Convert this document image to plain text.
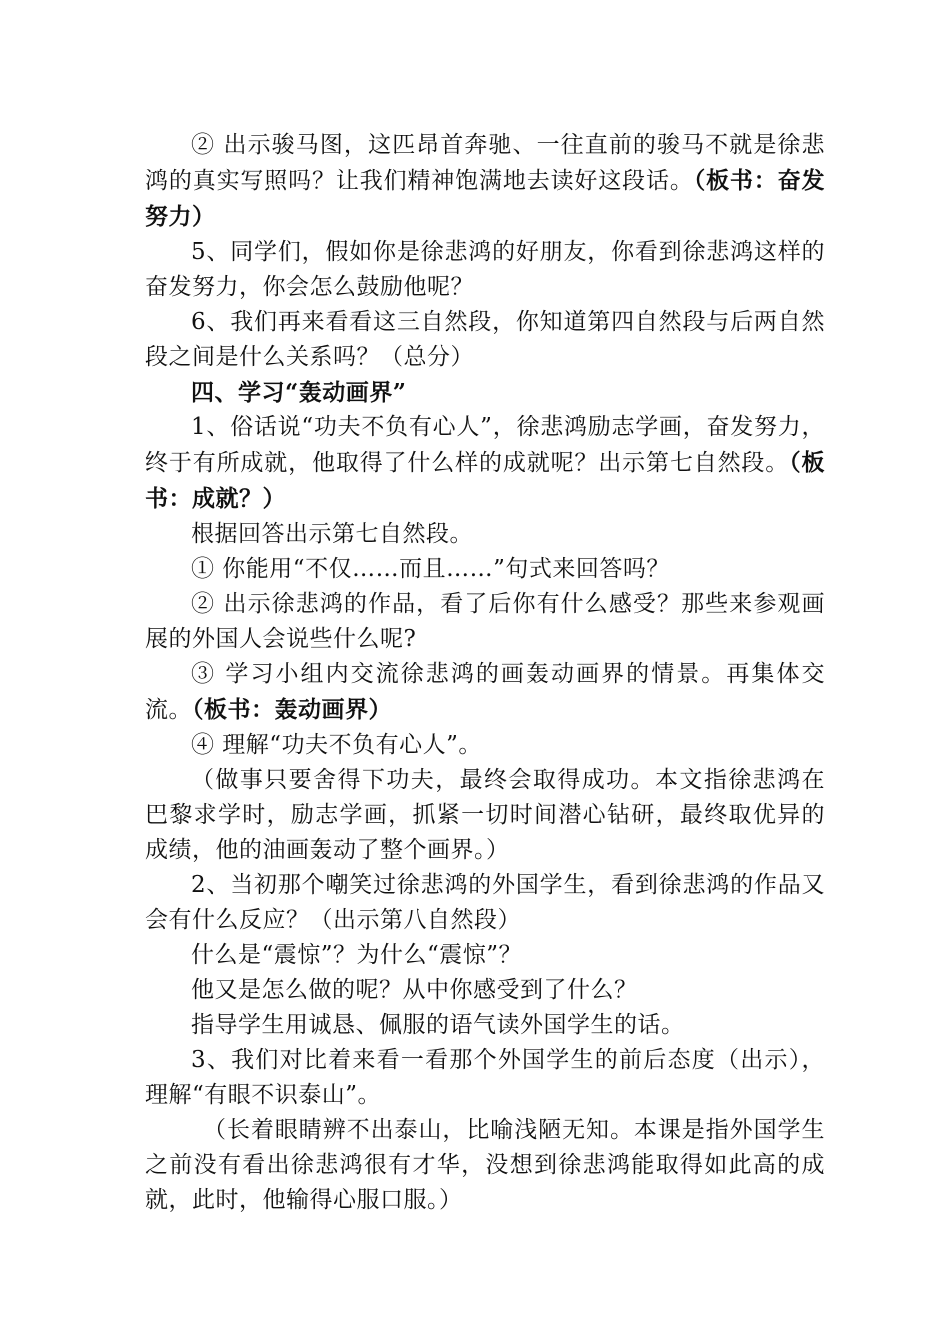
② 出示骏马图，这匹昂首奔驰、一往直前的骏马不就是徐悲鸿的真实写照吗？让我们精神饱满地去读好这段话。（板书：奋发努力）

5、同学们，假如你是徐悲鸿的好朋友，你看到徐悲鸿这样的奋发努力，你会怎么鼓励他呢？

6、我们再来看看这三自然段，你知道第四自然段与后两自然段之间是什么关系吗？（总分）

四、学习“轰动画界”

1、俗话说“功夫不负有心人”，徐悲鸿励志学画，奋发努力，终于有所成就，他取得了什么样的成就呢？出示第七自然段。（板书：成就？）

根据回答出示第七自然段。

① 你能用“不仅……而且……”句式来回答吗？

② 出示徐悲鸿的作品，看了后你有什么感受？那些来参观画展的外国人会说些什么呢?

③ 学习小组内交流徐悲鸿的画轰动画界的情景。再集体交流。（板书：轰动画界）

④ 理解“功夫不负有心人”。

（做事只要舍得下功夫，最终会取得成功。本文指徐悲鸿在巴黎求学时，励志学画，抓紧一切时间潜心钻研，最终取优异的成绩，他的油画轰动了整个画界。）

2、当初那个嘲笑过徐悲鸿的外国学生，看到徐悲鸿的作品又会有什么反应？（出示第八自然段）

什么是“震惊”？为什么“震惊”？

他又是怎么做的呢？从中你感受到了什么？

指导学生用诚恳、佩服的语气读外国学生的话。

3、我们对比着来看一看那个外国学生的前后态度（出示），理解“有眼不识泰山”。

（长着眼睛辨不出泰山，比喻浅陋无知。本课是指外国学生之前没有看出徐悲鸿很有才华，没想到徐悲鸿能取得如此高的成就，此时，他输得心服口服。）
